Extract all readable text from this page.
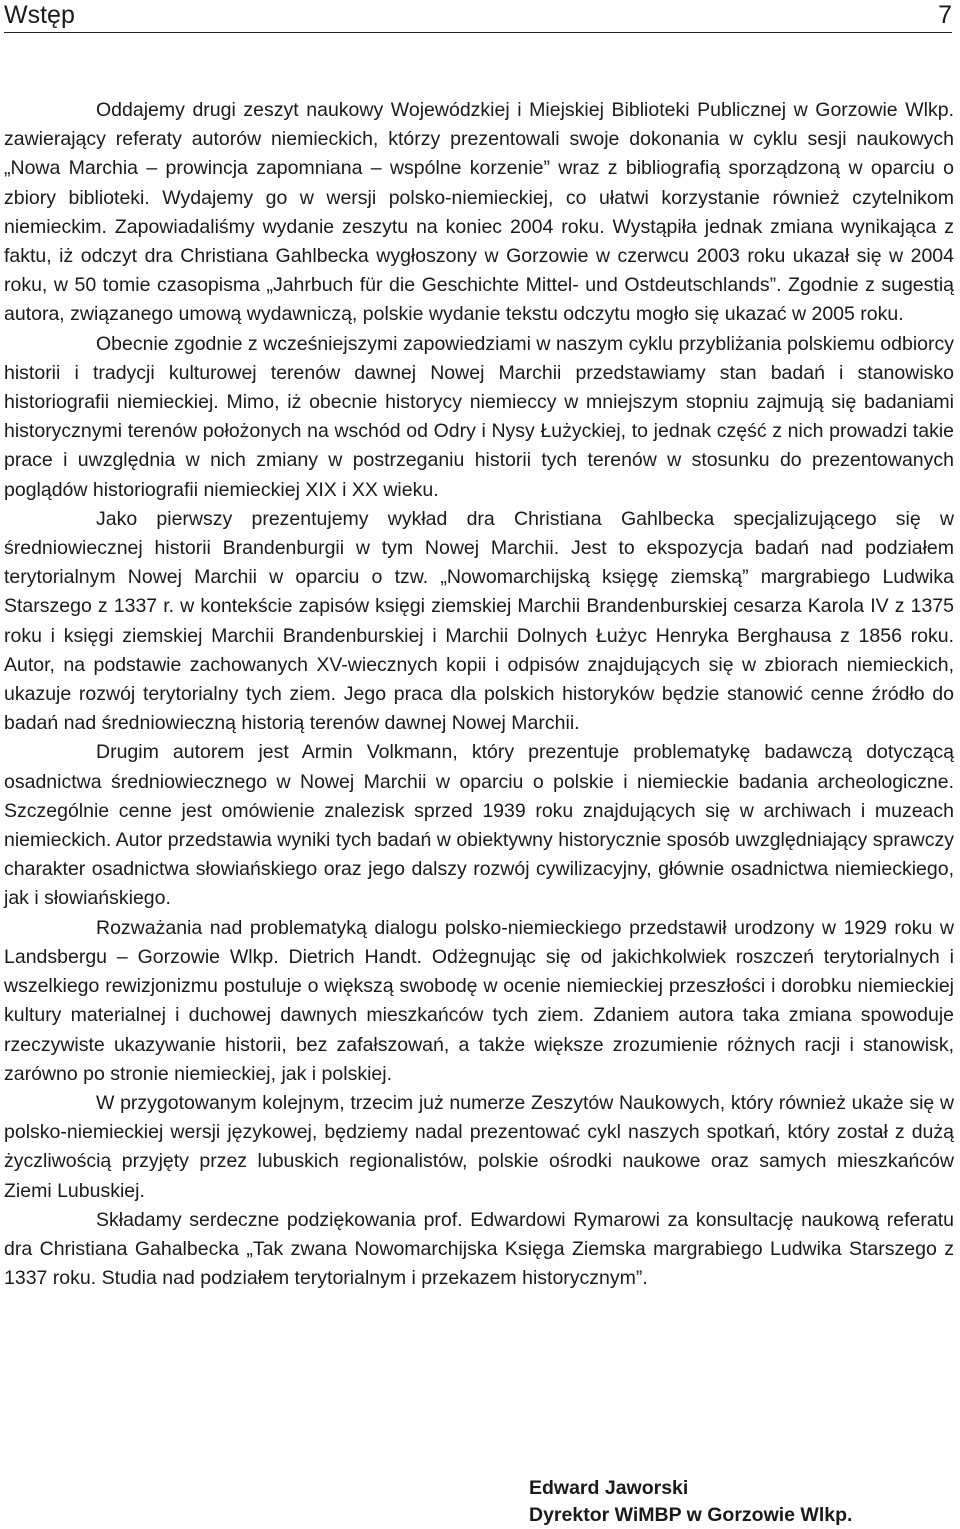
Wstęp	7

Oddajemy drugi zeszyt naukowy Wojewódzkiej i Miejskiej Biblioteki Publicznej w Gorzowie Wlkp. zawierający referaty autorów niemieckich, którzy prezentowali swoje dokonania w cyklu sesji naukowych „Nowa Marchia – prowincja zapomniana – wspólne korzenie” wraz z bibliografią sporządzoną w oparciu o zbiory biblioteki. Wydajemy go w wersji polsko-niemieckiej, co ułatwi korzystanie również czytelnikom niemieckim. Zapowiadaliśmy wydanie zeszytu na koniec 2004 roku. Wystąpiła jednak zmiana wynikająca z faktu, iż odczyt dra Christiana Gahlbecka wygłoszony w Gorzowie w czerwcu 2003 roku ukazał się w 2004 roku, w 50 tomie czasopisma „Jahrbuch für die Geschichte Mittel- und Ostdeutschlands”. Zgodnie z sugestią autora, związanego umową wydawniczą, polskie wydanie tekstu odczytu mogło się ukazać w 2005 roku.

Obecnie zgodnie z wcześniejszymi zapowiedziami w naszym cyklu przybliżania polskiemu odbiorcy historii i tradycji kulturowej terenów dawnej Nowej Marchii przedstawiamy stan badań i stanowisko historiografii niemieckiej. Mimo, iż obecnie historycy niemieccy w mniejszym stopniu zajmują się badaniami historycznymi terenów położonych na wschód od Odry i Nysy Łużyckiej, to jednak część z nich prowadzi takie prace i uwzględnia w nich zmiany w postrzeganiu historii tych terenów w stosunku do prezentowanych poglądów historiografii niemieckiej XIX i XX wieku.

Jako pierwszy prezentujemy wykład dra Christiana Gahlbecka specjalizującego się w średniowiecznej historii Brandenburgii w tym Nowej Marchii. Jest to ekspozycja badań nad podziałem terytorialnym Nowej Marchii w oparciu o tzw. „Nowomarchijską księgę ziemską” margrabiego Ludwika Starszego z 1337 r. w kontekście zapisów księgi ziemskiej Marchii Brandenburskiej cesarza Karola IV z 1375 roku i księgi ziemskiej Marchii Brandenburskiej i Marchii Dolnych Łużyc Henryka Berghausa z 1856 roku. Autor, na podstawie zachowanych XV-wiecznych kopii i odpisów znajdujących się w zbiorach niemieckich, ukazuje rozwój terytorialny tych ziem. Jego praca dla polskich historyków będzie stanowić cenne źródło do badań nad średniowieczną historią terenów dawnej Nowej Marchii.

Drugim autorem jest Armin Volkmann, który prezentuje problematykę badawczą dotyczącą osadnictwa średniowiecznego w Nowej Marchii w oparciu o polskie i niemieckie badania archeologiczne. Szczególnie cenne jest omówienie znalezisk sprzed 1939 roku znajdujących się w archiwach i muzeach niemieckich. Autor przedstawia wyniki tych badań w obiektywny historycznie sposób uwzględniający sprawczy charakter osadnictwa słowiańskiego oraz jego dalszy rozwój cywilizacyjny, głównie osadnictwa niemieckiego, jak i słowiańskiego.

Rozważania nad problematyką dialogu polsko-niemieckiego przedstawił urodzony w 1929 roku w Landsbergu – Gorzowie Wlkp. Dietrich Handt. Odżegnując się od jakichkolwiek roszczeń terytorialnych i wszelkiego rewizjonizmu postuluje o większą swobodę w ocenie niemieckiej przeszłości i dorobku niemieckiej kultury materialnej i duchowej dawnych mieszkańców tych ziem. Zdaniem autora taka zmiana spowoduje rzeczywiste ukazywanie historii, bez zafałszowań, a także większe zrozumienie różnych racji i stanowisk, zarówno po stronie niemieckiej, jak i polskiej.

W przygotowanym kolejnym, trzecim już numerze Zeszytów Naukowych, który również ukaże się w polsko-niemieckiej wersji językowej, będziemy nadal prezentować cykl naszych spotkań, który został z dużą życzliwością przyjęty przez lubuskich regionalistów, polskie ośrodki naukowe oraz samych mieszkańców Ziemi Lubuskiej.

Składamy serdeczne podziękowania prof. Edwardowi Rymarowi za konsultację naukową referatu dra Christiana Gahalbecka „Tak zwana Nowomarchijska Księga Ziemska margrabiego Ludwika Starszego z 1337 roku. Studia nad podziałem terytorialnym i przekazem historycznym”.

Edward Jaworski
Dyrektor WiMBP w Gorzowie Wlkp.
